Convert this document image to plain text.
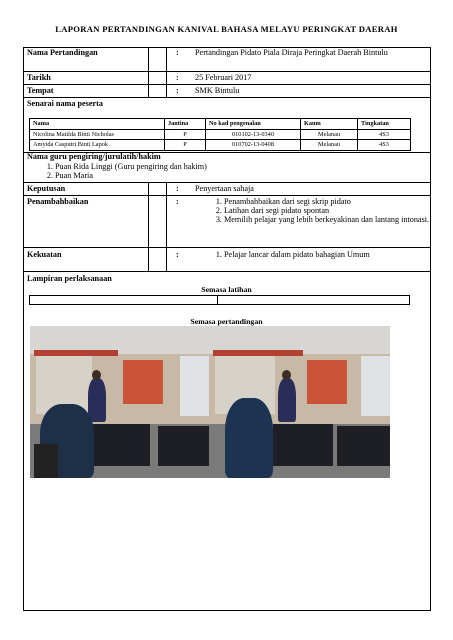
LAPORAN PERTANDINGAN KANIVAL BAHASA MELAYU PERINGKAT DAERAH
Nama Pertandingan	: Pertandingan Pidato Piala Diraja Peringkat Daerah Bintulu
Tarikh	: 25 Februari 2017
Tempat	: SMK Bintulu
Senarai nama peserta
Nama	Jantina	No kad pengenalan	Kaum	Tingkatan
Nicolina Matilda Binti Nicholas	P	010102-13-0340	Melanau	4S3
Amyida Casputri Binti Lapok	P	010702-13-0408	Melanau	4S3
Nama guru pengiring/jurulatih/hakim
1. Puan Rida Linggi (Guru pengiring dan hakim)
2. Puan Maria
Keputusan	: Penyertaan sahaja
Penambahbaikan	:	1. Penambahbaikan dari segi skrip pidato
2. Latihan dari segi pidato spontan
3. Memilih pelajar yang lebih berkeyakinan dan lantang intonasi.
Kekuatan	:	1. Pelajar lancar dalam pidato bahagian Umum
Lampiran perlaksanaan
Semasa latihan
Semasa pertandingan
